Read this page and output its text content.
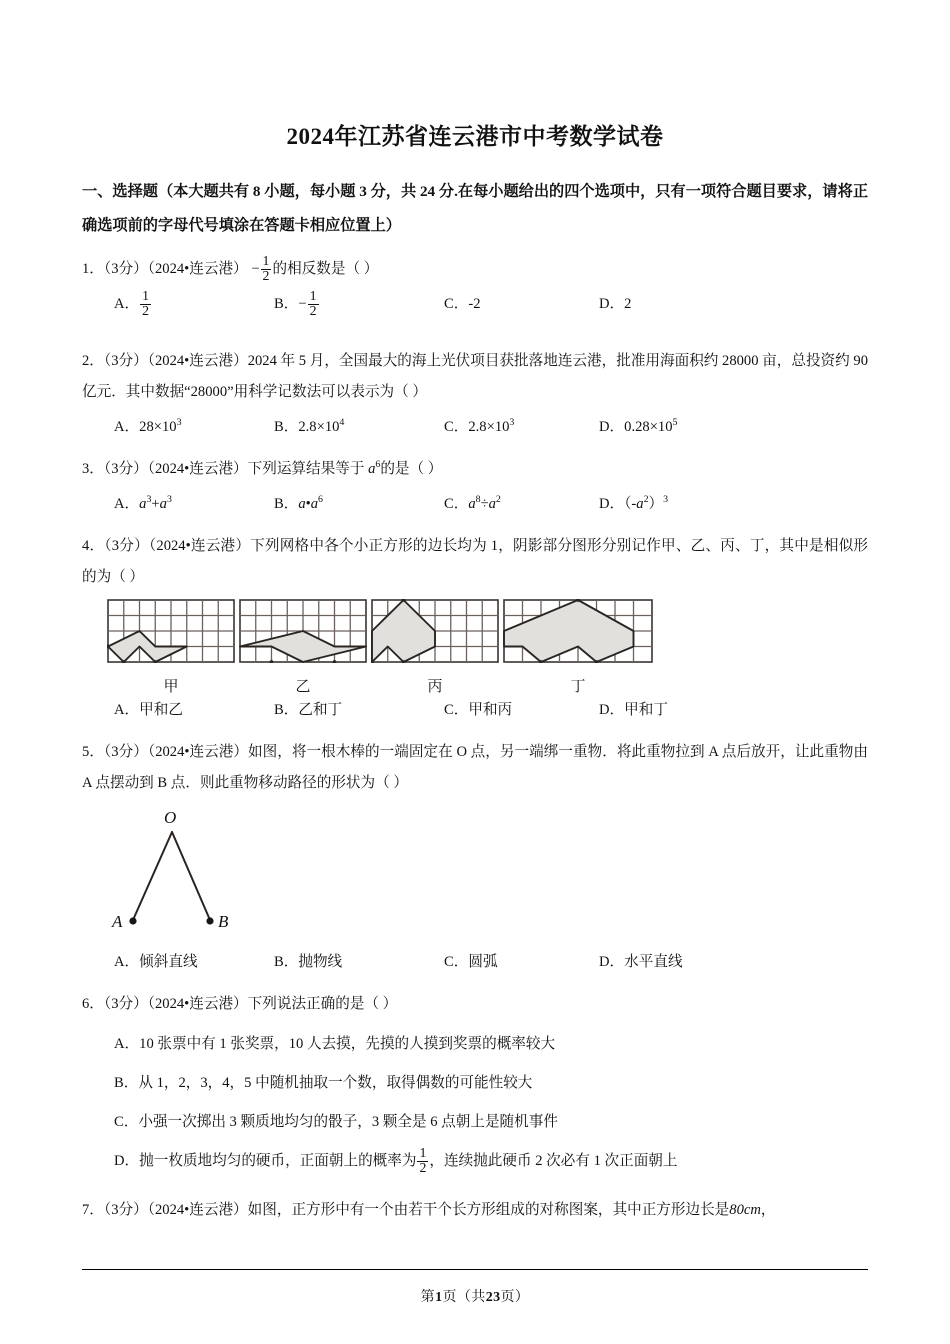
2024年江苏省连云港市中考数学试卷
一、选择题（本大题共有 8 小题，每小题 3 分，共 24 分.在每小题给出的四个选项中，只有一项符合题目要求，请将正确选项前的字母代号填涂在答题卡相应位置上）
1．（3分）（2024•连云港） − $\frac{1}{2}$ 的相反数是（ ）
A． $\frac{1}{2}$	B．− $\frac{1}{2}$	C．‑2	D．2
2．（3分）（2024•连云港）2024 年 5 月，全国最大的海上光伏项目获批落地连云港，批准用海面积约 28000 亩，总投资约 90 亿元．其中数据“28000”用科学记数法可以表示为（ ）
A．$28\times 10^3$	B．$2.8\times 10^4$	C．$2.8\times 10^3$	D．$0.28\times 10^5$
3．（3分）（2024•连云港）下列运算结果等于 $a^6$的是（ ）
A．$a^3+a^3$	B．$a•a^6$	C．$a^8\div a^2$	D．$(‑a^2)^3$
4．（3分）（2024•连云港）下列网格中各个小正方形的边长均为 1，阴影部分图形分别记作甲、乙、丙、丁，其中是相似形的为（ ）
甲	乙	丙	丁
A．甲和乙	B．乙和丁	C．甲和丙	D．甲和丁
5．（3分）（2024•连云港）如图，将一根木棒的一端固定在 O 点，另一端绑一重物．将此重物拉到 A 点后放开，让此重物由 A 点摆动到 B 点．则此重物移动路径的形状为（ ）
O
A	B
A．倾斜直线	B．抛物线	C．圆弧	D．水平直线
6．（3分）（2024•连云港）下列说法正确的是（ ）
A．10 张票中有 1 张奖票，10 人去摸，先摸的人摸到奖票的概率较大
B．从 1，2，3，4，5 中随机抽取一个数，取得偶数的可能性较大
C．小强一次掷出 3 颗质地均匀的骰子，3 颗全是 6 点朝上是随机事件
D．抛一枚质地均匀的硬币，正面朝上的概率为 $\frac{1}{2}$ ，连续抛此硬币 2 次必有 1 次正面朝上
7．（3分）（2024•连云港）如图，正方形中有一个由若干个长方形组成的对称图案，其中正方形边长是80cm，
第1页（共23页）
